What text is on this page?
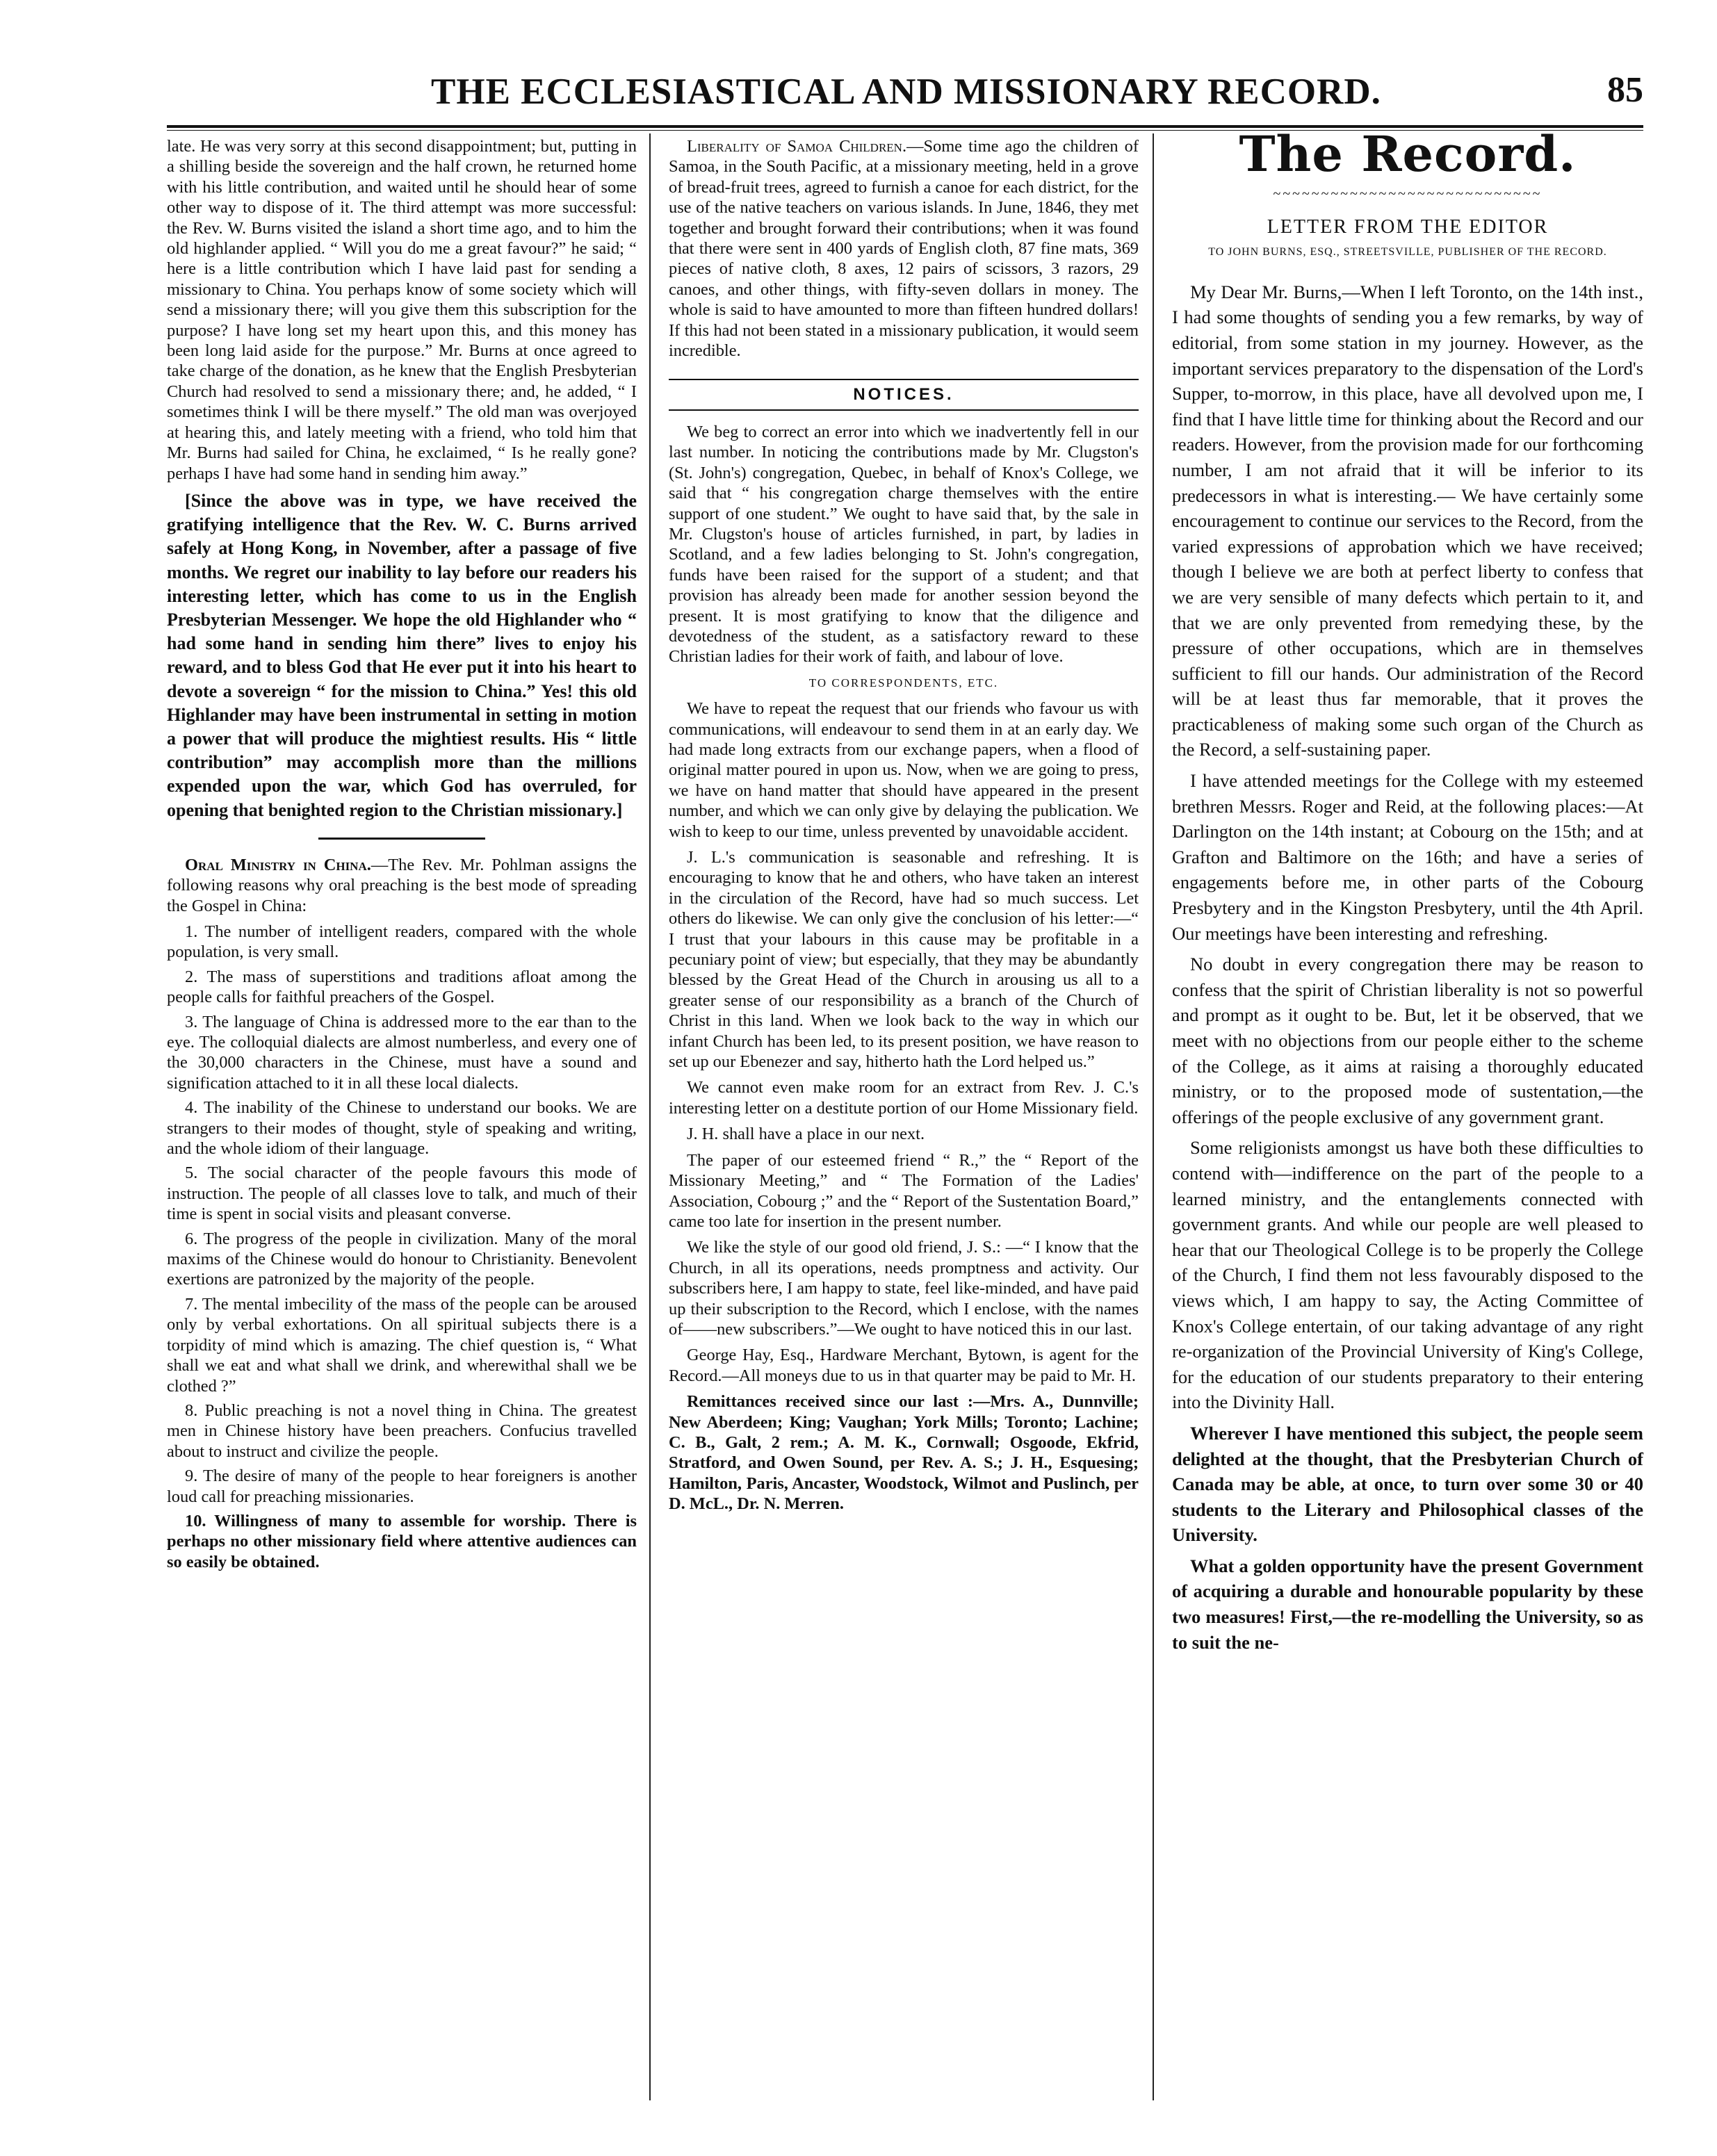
THE ECCLESIASTICAL AND MISSIONARY RECORD.	85

late. He was very sorry at this second disappointment; but, putting in a shilling beside the sovereign and the half crown, he returned home with his little contribution, and waited until he should hear of some other way to dispose of it. The third attempt was more successful: the Rev. W. Burns visited the island a short time ago, and to him the old highlander applied. “ Will you do me a great favour?” he said; “ here is a little contribution which I have laid past for sending a missionary to China. You perhaps know of some society which will send a missionary there; will you give them this subscription for the purpose? I have long set my heart upon this, and this money has been long laid aside for the purpose.” Mr. Burns at once agreed to take charge of the donation, as he knew that the English Presbyterian Church had resolved to send a missionary there; and, he added, “ I sometimes think I will be there myself.” The old man was overjoyed at hearing this, and lately meeting with a friend, who told him that Mr. Burns had sailed for China, he exclaimed, “ Is he really gone? perhaps I have had some hand in sending him away.”

[Since the above was in type, we have received the gratifying intelligence that the Rev. W. C. Burns arrived safely at Hong Kong, in November, after a passage of five months. We regret our inability to lay before our readers his interesting letter, which has come to us in the English Presbyterian Messenger. We hope the old Highlander who “ had some hand in sending him there” lives to enjoy his reward, and to bless God that He ever put it into his heart to devote a sovereign “ for the mission to China.” Yes! this old Highlander may have been instrumental in setting in motion a power that will produce the mightiest results. His “ little contribution” may accomplish more than the millions expended upon the war, which God has overruled, for opening that benighted region to the Christian missionary.]

Oral Ministry in China.—The Rev. Mr. Pohlman assigns the following reasons why oral preaching is the best mode of spreading the Gospel in China:

1. The number of intelligent readers, compared with the whole population, is very small.
2. The mass of superstitions and traditions afloat among the people calls for faithful preachers of the Gospel.
3. The language of China is addressed more to the ear than to the eye. The colloquial dialects are almost numberless, and every one of the 30,000 characters in the Chinese, must have a sound and signification attached to it in all these local dialects.
4. The inability of the Chinese to understand our books. We are strangers to their modes of thought, style of speaking and writing, and the whole idiom of their language.
5. The social character of the people favours this mode of instruction. The people of all classes love to talk, and much of their time is spent in social visits and pleasant converse.
6. The progress of the people in civilization. Many of the moral maxims of the Chinese would do honour to Christianity. Benevolent exertions are patronized by the majority of the people.
7. The mental imbecility of the mass of the people can be aroused only by verbal exhortations. On all spiritual subjects there is a torpidity of mind which is amazing. The chief question is, “ What shall we eat and what shall we drink, and wherewithal shall we be clothed ?”
8. Public preaching is not a novel thing in China. The greatest men in Chinese history have been preachers. Confucius travelled about to instruct and civilize the people.
9. The desire of many of the people to hear foreigners is another loud call for preaching missionaries.
10. Willingness of many to assemble for worship. There is perhaps no other missionary field where attentive audiences can so easily be obtained.

Liberality of Samoa Children.—Some time ago the children of Samoa, in the South Pacific, at a missionary meeting, held in a grove of bread-fruit trees, agreed to furnish a canoe for each district, for the use of the native teachers on various islands. In June, 1846, they met together and brought forward their contributions; when it was found that there were sent in 400 yards of English cloth, 87 fine mats, 369 pieces of native cloth, 8 axes, 12 pairs of scissors, 3 razors, 29 canoes, and other things, with fifty-seven dollars in money. The whole is said to have amounted to more than fifteen hundred dollars! If this had not been stated in a missionary publication, it would seem incredible.

NOTICES.

We beg to correct an error into which we inadvertently fell in our last number. In noticing the contributions made by Mr. Clugston's (St. John's) congregation, Quebec, in behalf of Knox's College, we said that “ his congregation charge themselves with the entire support of one student.” We ought to have said that, by the sale in Mr. Clugston's house of articles furnished, in part, by ladies in Scotland, and a few ladies belonging to St. John's congregation, funds have been raised for the support of a student; and that provision has already been made for another session beyond the present. It is most gratifying to know that the diligence and devotedness of the student, as a satisfactory reward to these Christian ladies for their work of faith, and labour of love.

TO CORRESPONDENTS, ETC.

We have to repeat the request that our friends who favour us with communications, will endeavour to send them in at an early day. We had made long extracts from our exchange papers, when a flood of original matter poured in upon us. Now, when we are going to press, we have on hand matter that should have appeared in the present number, and which we can only give by delaying the publication. We wish to keep to our time, unless prevented by unavoidable accident.

J. L.'s communication is seasonable and refreshing. It is encouraging to know that he and others, who have taken an interest in the circulation of the Record, have had so much success. Let others do likewise. We can only give the conclusion of his letter:—“ I trust that your labours in this cause may be profitable in a pecuniary point of view; but especially, that they may be abundantly blessed by the Great Head of the Church in arousing us all to a greater sense of our responsibility as a branch of the Church of Christ in this land. When we look back to the way in which our infant Church has been led, to its present position, we have reason to set up our Ebenezer and say, hitherto hath the Lord helped us.”

We cannot even make room for an extract from Rev. J. C.'s interesting letter on a destitute portion of our Home Missionary field.

J. H. shall have a place in our next.

The paper of our esteemed friend “ R.,” the “ Report of the Missionary Meeting,” and “ The Formation of the Ladies' Association, Cobourg ;” and the “ Report of the Sustentation Board,” came too late for insertion in the present number.

We like the style of our good old friend, J. S.: —“ I know that the Church, in all its operations, needs promptness and activity. Our subscribers here, I am happy to state, feel like-minded, and have paid up their subscription to the Record, which I enclose, with the names of——new subscribers.”—We ought to have noticed this in our last.

George Hay, Esq., Hardware Merchant, Bytown, is agent for the Record.—All moneys due to us in that quarter may be paid to Mr. H.

Remittances received since our last :—Mrs. A., Dunnville; New Aberdeen; King; Vaughan; York Mills; Toronto; Lachine; C. B., Galt, 2 rem.; A. M. K., Cornwall; Osgoode, Ekfrid, Stratford, and Owen Sound, per Rev. A. S.; J. H., Esquesing; Hamilton, Paris, Ancaster, Woodstock, Wilmot and Puslinch, per D. McL., Dr. N. Merren.

The Record.
~~~~~~~~~~~~~~~~~~~~~~~~~~~~
LETTER FROM THE EDITOR
TO JOHN BURNS, ESQ., STREETSVILLE, PUBLISHER OF THE RECORD.

My Dear Mr. Burns,—When I left Toronto, on the 14th inst., I had some thoughts of sending you a few remarks, by way of editorial, from some station in my journey. However, as the important services preparatory to the dispensation of the Lord's Supper, to-morrow, in this place, have all devolved upon me, I find that I have little time for thinking about the Record and our readers. However, from the provision made for our forthcoming number, I am not afraid that it will be inferior to its predecessors in what is interesting.— We have certainly some encouragement to continue our services to the Record, from the varied expressions of approbation which we have received; though I believe we are both at perfect liberty to confess that we are very sensible of many defects which pertain to it, and that we are only prevented from remedying these, by the pressure of other occupations, which are in themselves sufficient to fill our hands. Our administration of the Record will be at least thus far memorable, that it proves the practicableness of making some such organ of the Church as the Record, a self-sustaining paper.

I have attended meetings for the College with my esteemed brethren Messrs. Roger and Reid, at the following places:—At Darlington on the 14th instant; at Cobourg on the 15th; and at Grafton and Baltimore on the 16th; and have a series of engagements before me, in other parts of the Cobourg Presbytery and in the Kingston Presbytery, until the 4th April. Our meetings have been interesting and refreshing.

No doubt in every congregation there may be reason to confess that the spirit of Christian liberality is not so powerful and prompt as it ought to be. But, let it be observed, that we meet with no objections from our people either to the scheme of the College, as it aims at raising a thoroughly educated ministry, or to the proposed mode of sustentation,—the offerings of the people exclusive of any government grant.

Some religionists amongst us have both these difficulties to contend with—indifference on the part of the people to a learned ministry, and the entanglements connected with government grants. And while our people are well pleased to hear that our Theological College is to be properly the College of the Church, I find them not less favourably disposed to the views which, I am happy to say, the Acting Committee of Knox's College entertain, of our taking advantage of any right re-organization of the Provincial University of King's College, for the education of our students preparatory to their entering into the Divinity Hall.

Wherever I have mentioned this subject, the people seem delighted at the thought, that the Presbyterian Church of Canada may be able, at once, to turn over some 30 or 40 students to the Literary and Philosophical classes of the University.

What a golden opportunity have the present Government of acquiring a durable and honourable popularity by these two measures! First,—the re-modelling the University, so as to suit the ne-
